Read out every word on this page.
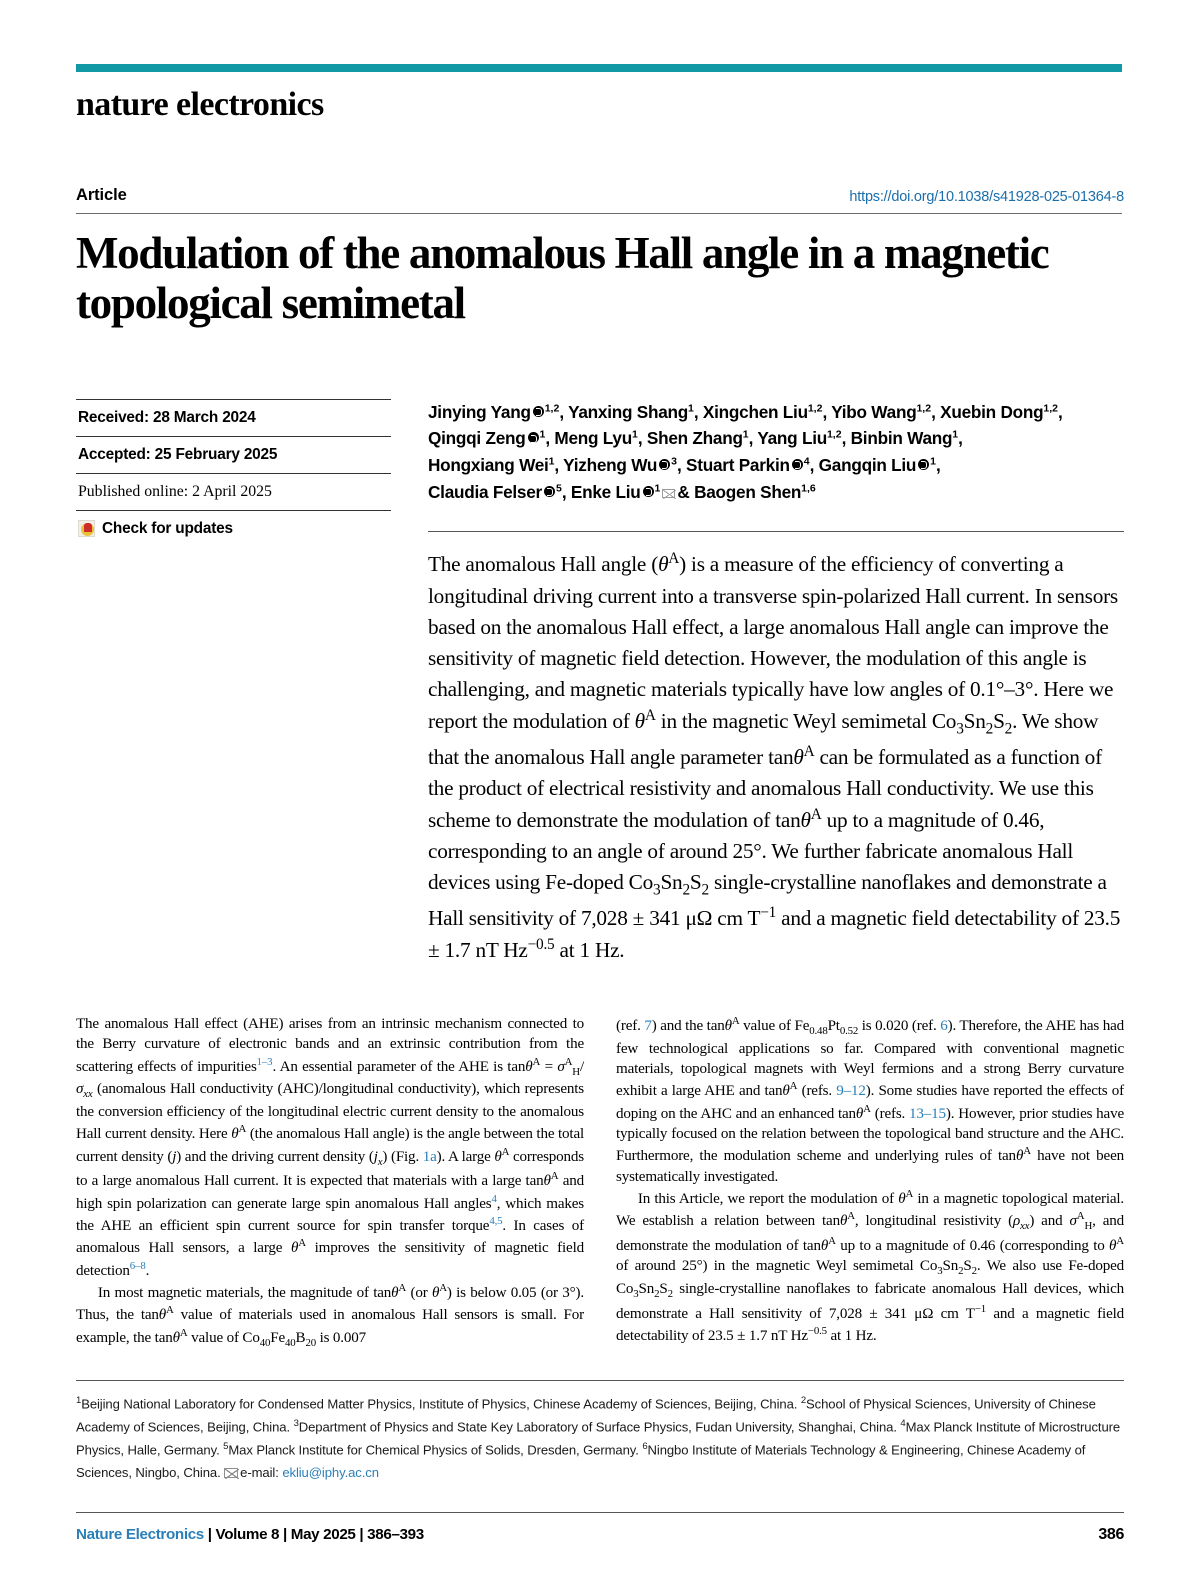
nature electronics
Article	https://doi.org/10.1038/s41928-025-01364-8
Modulation of the anomalous Hall angle in a magnetic topological semimetal
Received: 28 March 2024
Accepted: 25 February 2025
Published online: 2 April 2025
Check for updates
Jinying Yang $^{1,2}$, Yanxing Shang$^1$, Xingchen Liu$^{1,2}$, Yibo Wang$^{1,2}$, Xuebin Dong$^{1,2}$,
Qingqi Zeng $^1$, Meng Lyu$^1$, Shen Zhang$^1$, Yang Liu$^{1,2}$, Binbin Wang$^1$,
Hongxiang Wei$^1$, Yizheng Wu $^3$, Stuart Parkin $^4$, Gangqin Liu $^1$,
Claudia Felser $^5$, Enke Liu $^1$ & Baogen Shen$^{1,6}$
The anomalous Hall angle $(\theta^A)$ is a measure of the efficiency of converting a longitudinal driving current into a transverse spin-polarized Hall current. In sensors based on the anomalous Hall effect, a large anomalous Hall angle can improve the sensitivity of magnetic field detection. However, the modulation of this angle is challenging, and magnetic materials typically have low angles of 0.1°–3°. Here we report the modulation of $\theta^A$ in the magnetic Weyl semimetal $Co_3Sn_2S_2$. We show that the anomalous Hall angle parameter tanθ$^A$ can be formulated as a function of the product of electrical resistivity and anomalous Hall conductivity. We use this scheme to demonstrate the modulation of tanθ$^A$ up to a magnitude of 0.46, corresponding to an angle of around 25°. We further fabricate anomalous Hall devices using Fe-doped $Co_3Sn_2S_2$ single-crystalline nanoflakes and demonstrate a Hall sensitivity of 7,028 ± 341 μΩ cm $T^{-1}$ and a magnetic field detectability of 23.5 ± 1.7 nT $Hz^{-0.5}$ at 1 Hz.

The anomalous Hall effect (AHE) arises from an intrinsic mechanism connected to the Berry curvature of electronic bands and an extrinsic contribution from the scattering effects of impurities$^{1-3}$. An essential parameter of the AHE is $\tan\theta^A = \sigma^A_H/\sigma_{xx}$ (anomalous Hall conductivity (AHC)/longitudinal conductivity), which represents the conversion efficiency of the longitudinal electric current density to the anomalous Hall current density. Here $\theta^A$ (the anomalous Hall angle) is the angle between the total current density (j) and the driving current density $(j_x)$ (Fig. 1a). A large $\theta^A$ corresponds to a large anomalous Hall current. It is expected that materials with a large tanθ$^A$ and high spin polarization can generate large spin anomalous Hall angles$^4$, which makes the AHE an efficient spin current source for spin transfer torque$^{4,5}$. In cases of anomalous Hall sensors, a large $\theta^A$ improves the sensitivity of magnetic field detection$^{6-8}$.

In most magnetic materials, the magnitude of tanθ$^A$ (or $\theta^A$) is below 0.05 (or 3°). Thus, the tanθ$^A$ value of materials used in anomalous Hall sensors is small. For example, the tanθ$^A$ value of $Co_{40}Fe_{40}B_{20}$ is 0.007

(ref. 7) and the tanθ$^A$ value of $Fe_{0.48}Pt_{0.52}$ is 0.020 (ref. 6). Therefore, the AHE has had few technological applications so far. Compared with conventional magnetic materials, topological magnets with Weyl fermions and a strong Berry curvature exhibit a large AHE and tanθ$^A$ (refs. 9–12). Some studies have reported the effects of doping on the AHC and an enhanced tanθ$^A$ (refs. 13–15). However, prior studies have typically focused on the relation between the topological band structure and the AHC. Furthermore, the modulation scheme and underlying rules of tanθ$^A$ have not been systematically investigated.

In this Article, we report the modulation of $\theta^A$ in a magnetic topological material. We establish a relation between tanθ$^A$, longitudinal resistivity $(\rho_{xx})$ and $\sigma^A_H$, and demonstrate the modulation of tanθ$^A$ up to a magnitude of 0.46 (corresponding to $\theta^A$ of around 25°) in the magnetic Weyl semimetal $Co_3Sn_2S_2$. We also use Fe-doped $Co_3Sn_2S_2$ single-crystalline nanoflakes to fabricate anomalous Hall devices, which demonstrate a Hall sensitivity of 7,028 ± 341 μΩ cm $T^{-1}$ and a magnetic field detectability of 23.5 ± 1.7 nT $Hz^{-0.5}$ at 1 Hz.

$^1$Beijing National Laboratory for Condensed Matter Physics, Institute of Physics, Chinese Academy of Sciences, Beijing, China. $^2$School of Physical Sciences, University of Chinese Academy of Sciences, Beijing, China. $^3$Department of Physics and State Key Laboratory of Surface Physics, Fudan University, Shanghai, China. $^4$Max Planck Institute of Microstructure Physics, Halle, Germany. $^5$Max Planck Institute for Chemical Physics of Solids, Dresden, Germany. $^6$Ningbo Institute of Materials Technology & Engineering, Chinese Academy of Sciences, Ningbo, China. e-mail: ekliu@iphy.ac.cn
Nature Electronics | Volume 8 | May 2025 | 386–393	386
